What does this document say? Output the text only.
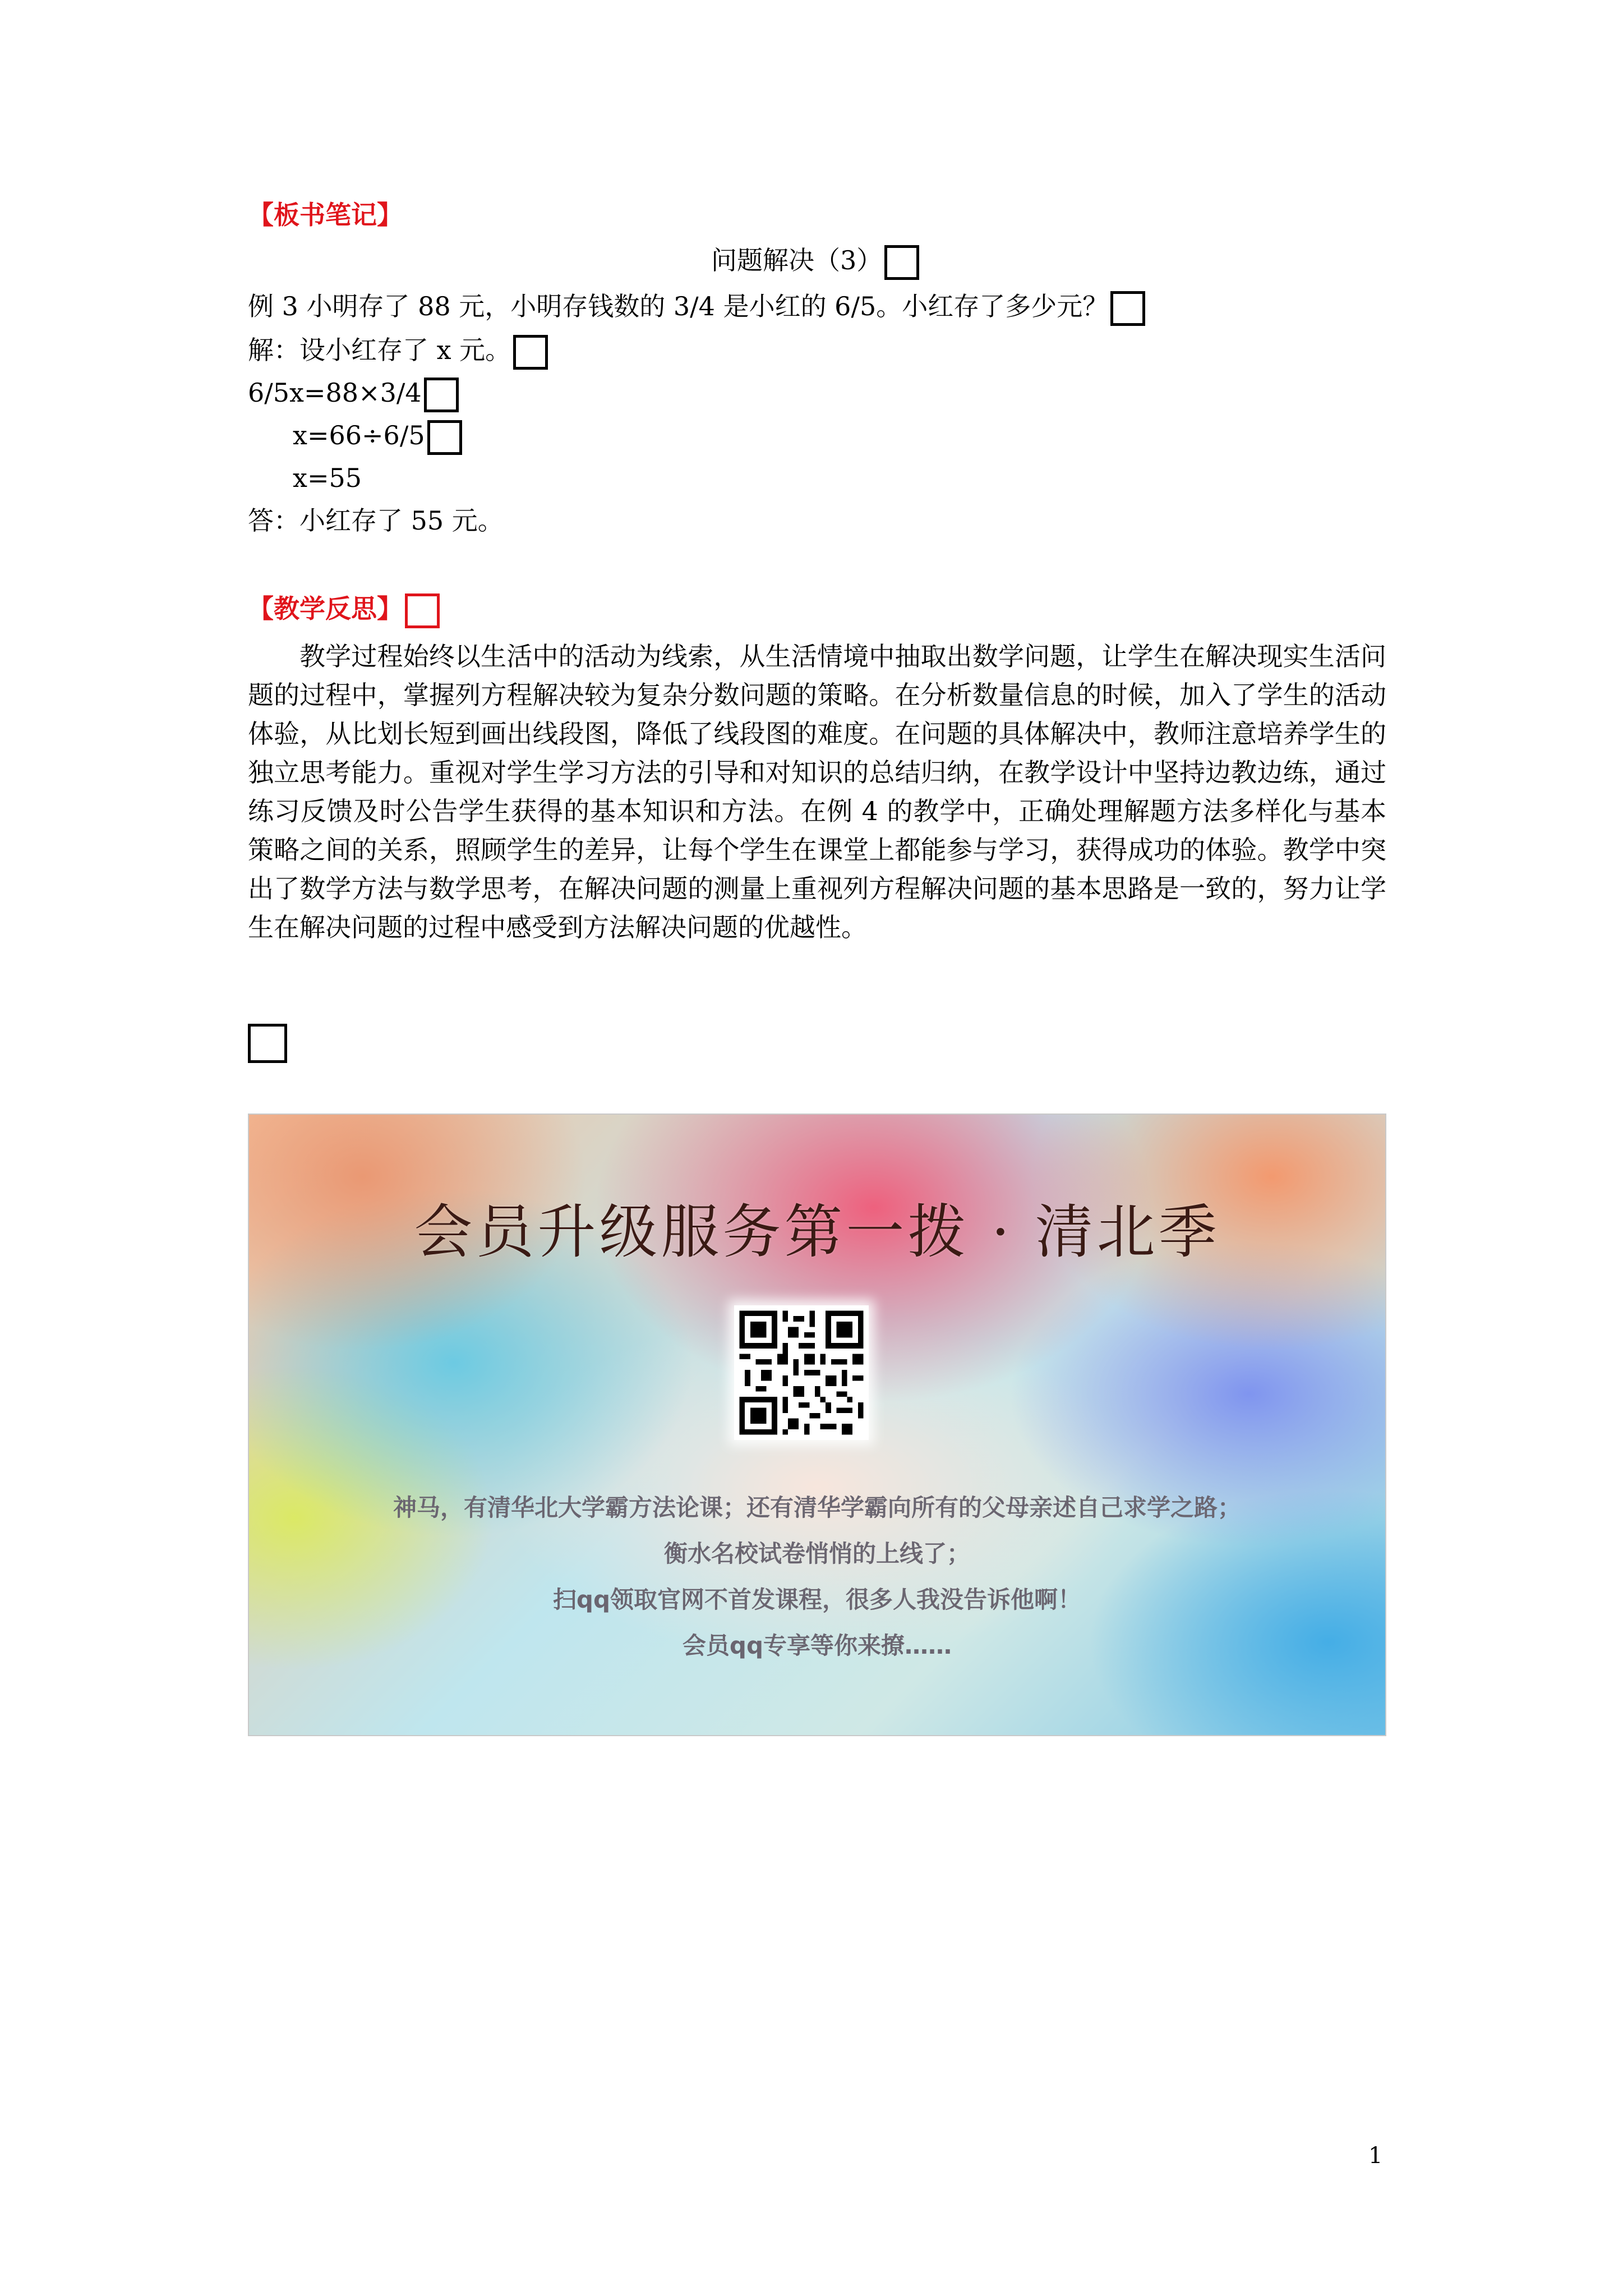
【板书笔记】
问题解决（3）
例 3 小明存了 88 元，小明存钱数的 3/4 是小红的 6/5。小红存了多少元？
解：设小红存了 x 元。
6/5x=88×3/4
x=66÷6/5
x=55
答：小红存了 55 元。
【教学反思】
教学过程始终以生活中的活动为线索，从生活情境中抽取出数学问题，让学生在解决现实生活问题的过程中，掌握列方程解决较为复杂分数问题的策略。在分析数量信息的时候，加入了学生的活动体验，从比划长短到画出线段图，降低了线段图的难度。在问题的具体解决中，教师注意培养学生的独立思考能力。重视对学生学习方法的引导和对知识的总结归纳，在教学设计中坚持边教边练，通过练习反馈及时公告学生获得的基本知识和方法。在例 4 的教学中，正确处理解题方法多样化与基本策略之间的关系，照顾学生的差异，让每个学生在课堂上都能参与学习，获得成功的体验。教学中突出了数学方法与数学思考，在解决问题的测量上重视列方程解决问题的基本思路是一致的，努力让学生在解决问题的过程中感受到方法解决问题的优越性。
会员升级服务第一拨 · 清北季
神马，有清华北大学霸方法论课；还有清华学霸向所有的父母亲述自己求学之路；
衡水名校试卷悄悄的上线了；
扫qq领取官网不首发课程，很多人我没告诉他啊！
会员qq专享等你来撩……
1
